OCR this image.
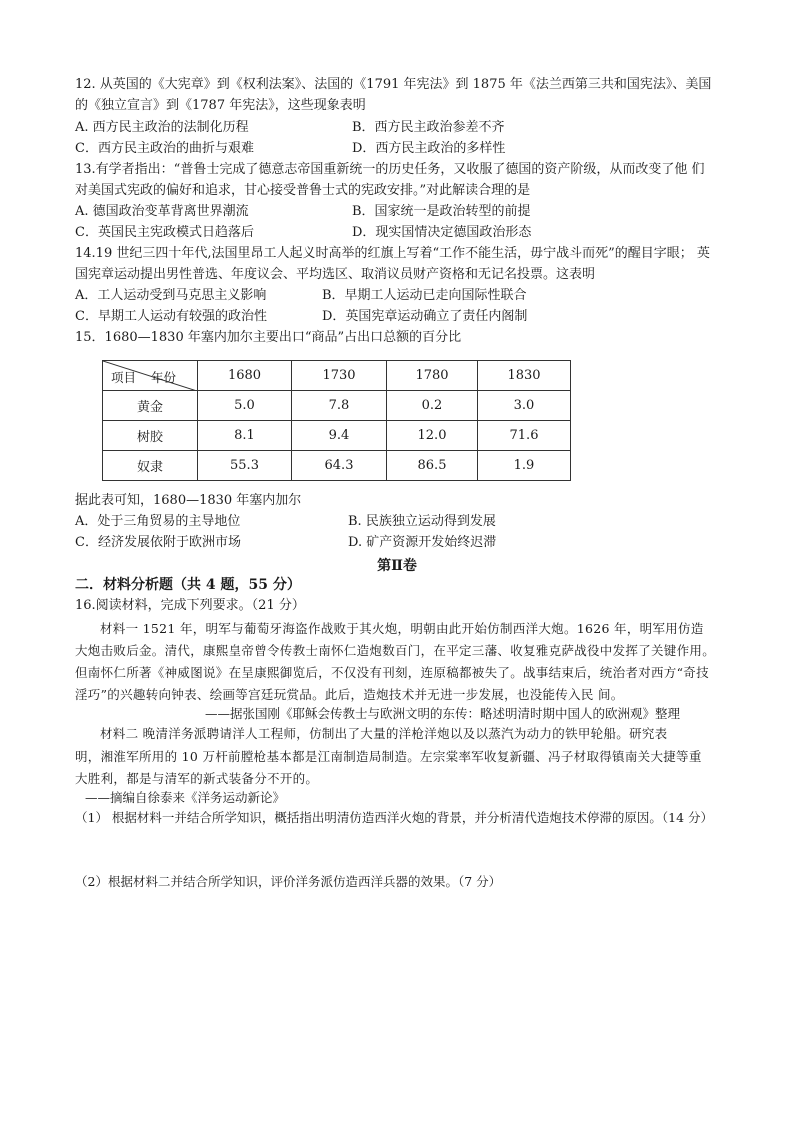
12. 从英国的《大宪章》到《权利法案》、法国的《1791 年宪法》到 1875 年《法兰西第三共和国宪法》、美国
的《独立宣言》到《1787 年宪法》，这些现象表明
A. 西方民主政治的法制化历程	B．西方民主政治参差不齐
C．西方民主政治的曲折与艰难	D．西方民主政治的多样性
13.有学者指出：“普鲁士完成了德意志帝国重新统一的历史任务，又收服了德国的资产阶级，从而改变了他 们
对美国式宪政的偏好和追求，甘心接受普鲁士式的宪政安排。”对此解读合理的是
A. 德国政治变革背离世界潮流	B．国家统一是政治转型的前提
C．英国民主宪政模式日趋落后	D．现实国情决定德国政治形态
14.19 世纪三四十年代,法国里昂工人起义时高举的红旗上写着“工作不能生活，毋宁战斗而死”的醒目字眼； 英
国宪章运动提出男性普选、年度议会、平均选区、取消议员财产资格和无记名投票。这表明
A．工人运动受到马克思主义影响	B．早期工人运动已走向国际性联合
C．早期工人运动有较强的政治性	D．英国宪章运动确立了责任内阁制
15．1680—1830 年塞内加尔主要出口“商品”占出口总额的百分比
项目 年份	1680	1730	1780	1830
黄金	5.0	7.8	0.2	3.0
树胶	8.1	9.4	12.0	71.6
奴隶	55.3	64.3	86.5	1.9
据此表可知，1680—1830 年塞内加尔
A．处于三角贸易的主导地位	B. 民族独立运动得到发展
C．经济发展依附于欧洲市场	D. 矿产资源开发始终迟滞
第Ⅱ卷
二．材料分析题（共 4 题，55 分）
16.阅读材料，完成下列要求。（21 分）
材料一 1521 年，明军与葡萄牙海盗作战败于其火炮，明朝由此开始仿制西洋大炮。1626 年，明军用仿造
大炮击败后金。清代，康熙皇帝曾令传教士南怀仁造炮数百门，在平定三藩、收复雅克萨战役中发挥了关键作用。
但南怀仁所著《神威图说》在呈康熙御览后，不仅没有刊刻，连原稿都被失了。战事结束后，统治者对西方“奇技
淫巧”的兴趣转向钟表、绘画等宫廷玩赏品。此后，造炮技术并无进一步发展，也没能传入民 间。
——据张国刚《耶稣会传教士与欧洲文明的东传：略述明清时期中国人的欧洲观》整理
材料二 晚清洋务派聘请洋人工程师，仿制出了大量的洋枪洋炮以及以蒸汽为动力的铁甲轮船。研究表
明，湘淮军所用的 10 万杆前膛枪基本都是江南制造局制造。左宗棠率军收复新疆、冯子材取得镇南关大捷等重
大胜利，都是与清军的新式装备分不开的。
——摘编自徐泰来《洋务运动新论》
（1） 根据材料一并结合所学知识，概括指出明清仿造西洋火炮的背景，并分析清代造炮技术停滞的原因。（14 分）
（2）根据材料二并结合所学知识，评价洋务派仿造西洋兵器的效果。（7 分）
